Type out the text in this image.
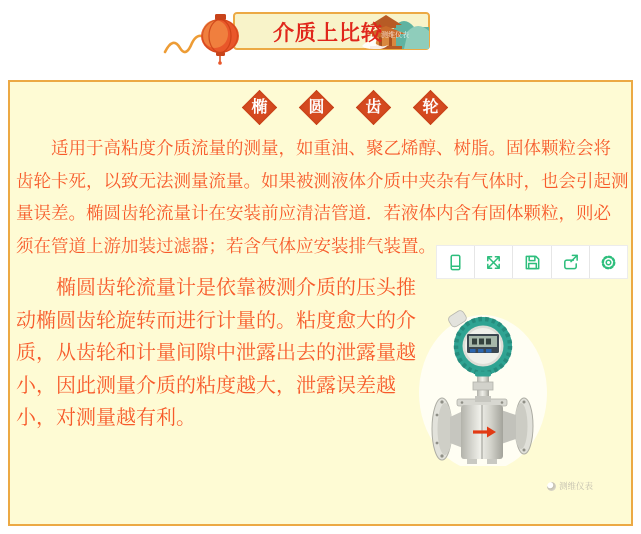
介质上比较
测维仪表
椭	圆	齿	轮
适用于高粘度介质流量的测量，如重油、聚乙烯醇、树脂。固体颗粒会将
齿轮卡死，以致无法测量流量。如果被测液体介质中夹杂有气体时，也会引起测
量误差。椭圆齿轮流量计在安装前应清洁管道．若液体内含有固体颗粒，则必
须在管道上游加装过滤器；若含气体应安装排气装置。
椭圆齿轮流量计是依靠被测介质的压头推
动椭圆齿轮旋转而进行计量的。粘度愈大的介
质，从齿轮和计量间隙中泄露出去的泄露量越
小，因此测量介质的粘度越大，泄露误差越
小，对测量越有利。
测维仪表
